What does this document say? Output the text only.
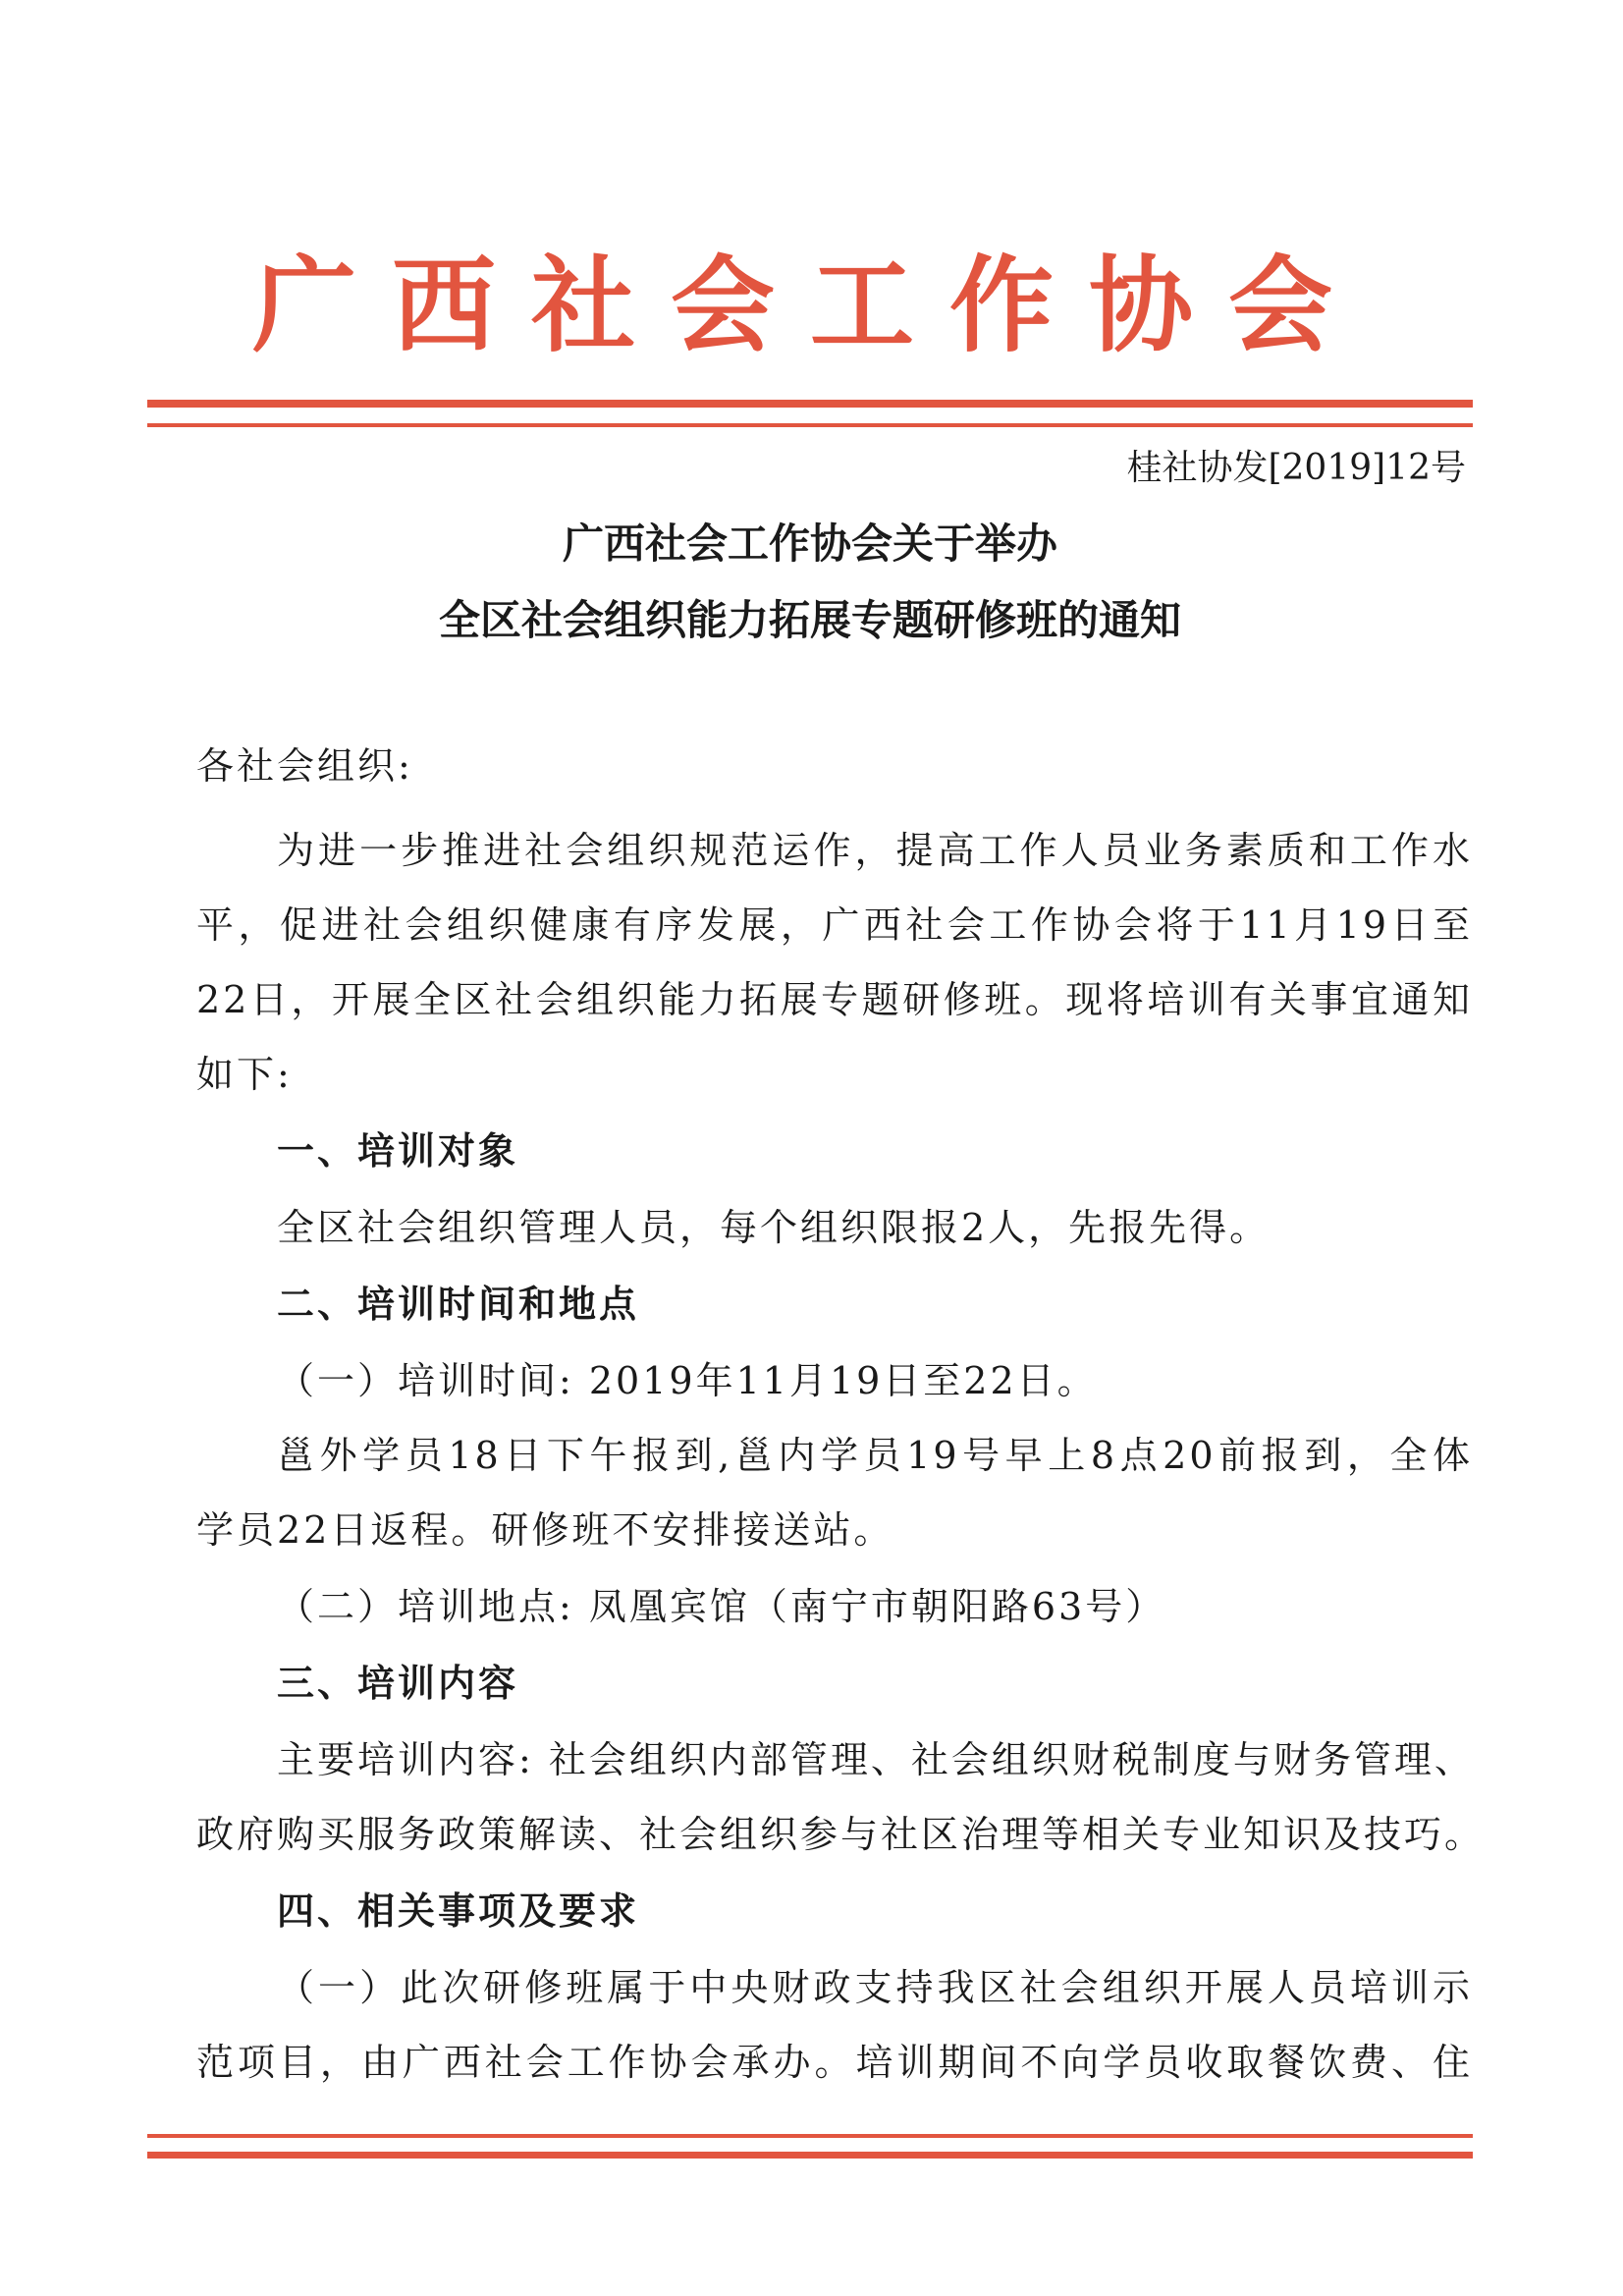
广西社会工作协会
桂社协发[2019]12号
广西社会工作协会关于举办
全区社会组织能力拓展专题研修班的通知
各社会组织:
为进一步推进社会组织规范运作，提高工作人员业务素质和工作水
平，促进社会组织健康有序发展，广西社会工作协会将于11月19日至
22日，开展全区社会组织能力拓展专题研修班。现将培训有关事宜通知
如下:
一、培训对象
全区社会组织管理人员，每个组织限报2人，先报先得。
二、培训时间和地点
（一）培训时间: 2019年11月19日至22日。
邕外学员18日下午报到,邕内学员19号早上8点20前报到，全体
学员22日返程。研修班不安排接送站。
（二）培训地点: 凤凰宾馆（南宁市朝阳路63号）
三、培训内容
主要培训内容: 社会组织内部管理、社会组织财税制度与财务管理、
政府购买服务政策解读、社会组织参与社区治理等相关专业知识及技巧。
四、相关事项及要求
（一）此次研修班属于中央财政支持我区社会组织开展人员培训示
范项目，由广西社会工作协会承办。培训期间不向学员收取餐饮费、住
